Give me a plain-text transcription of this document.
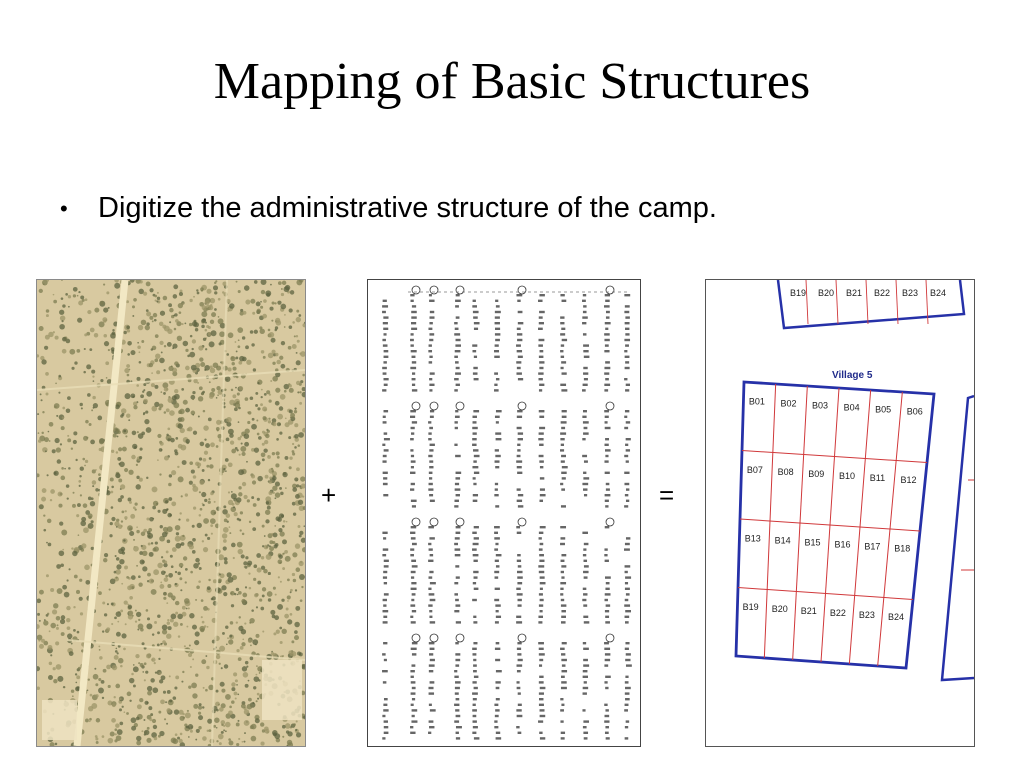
Mapping of Basic Structures
•	Digitize the administrative structure of the camp.
+	=
Village 5
B19 B20 B21 B22 B23 B24
B01 B02 B03 B04 B05 B06
B07 B08 B09 B10 B11 B12
B13 B14 B15 B16 B17 B18
B19 B20 B21 B22 B23 B24
